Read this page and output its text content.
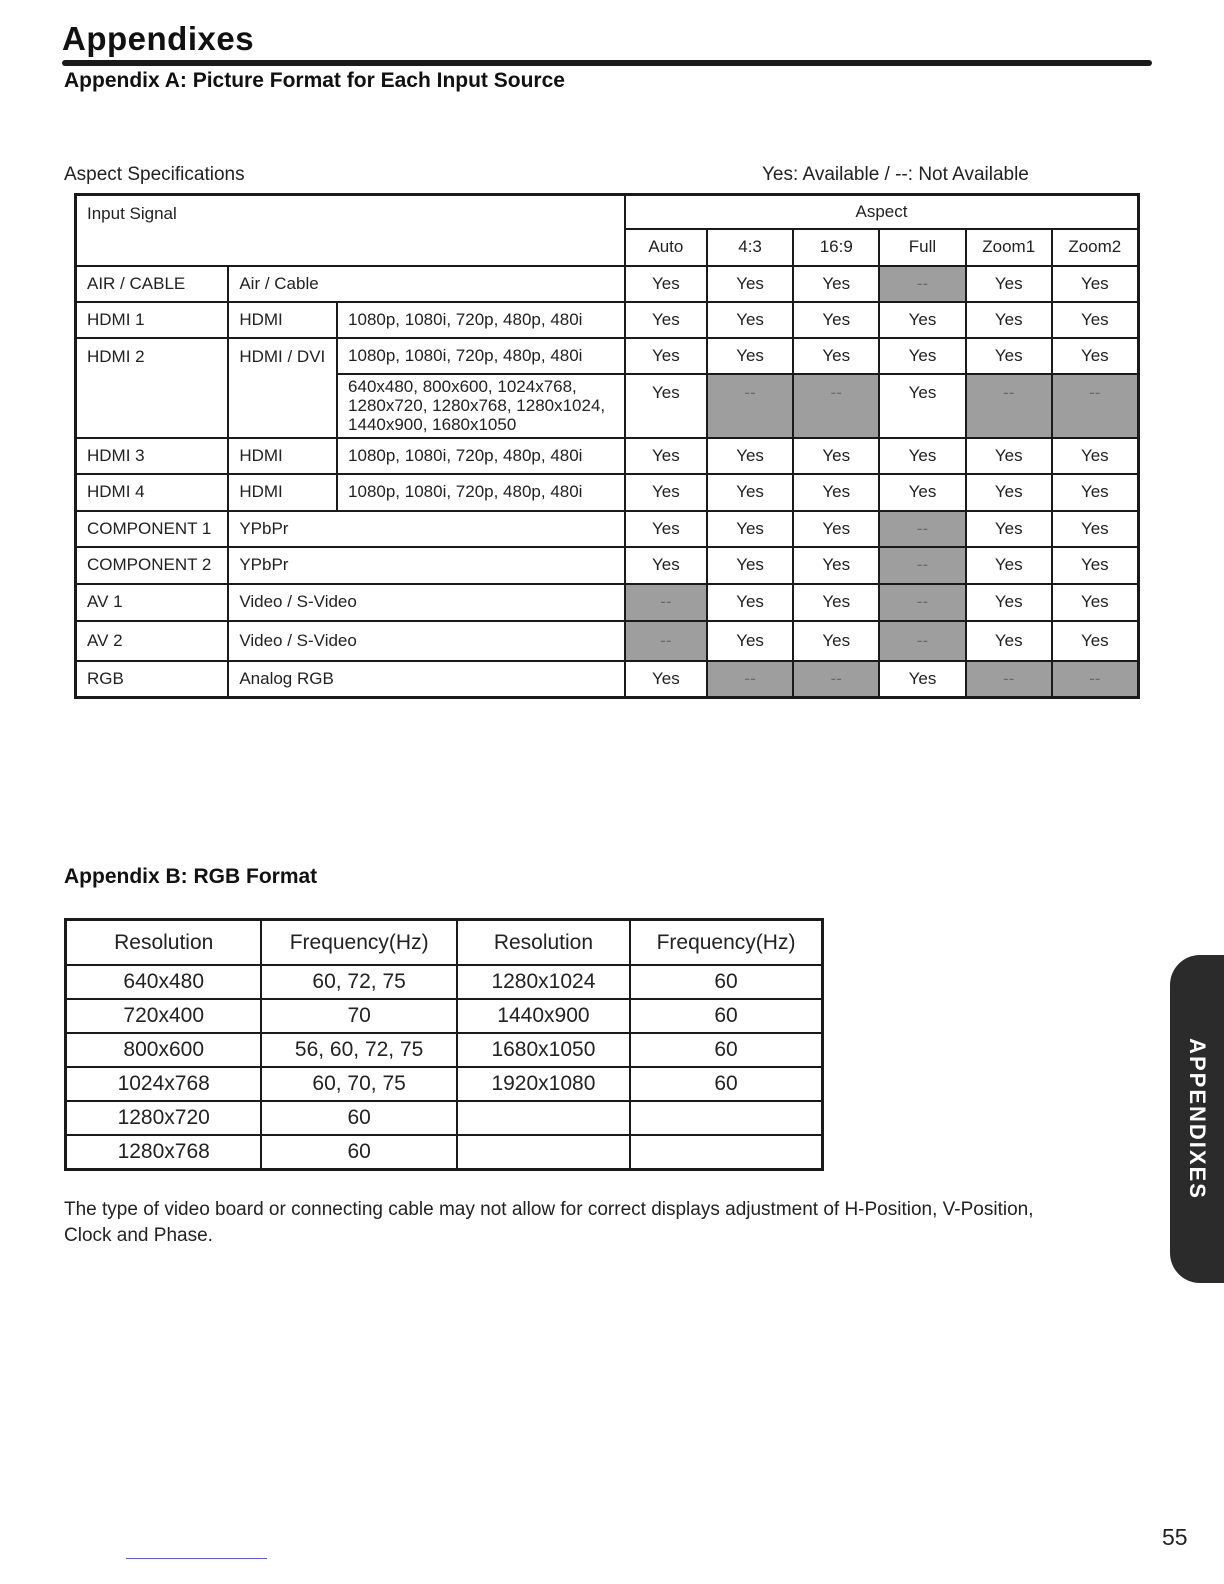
Appendixes
Appendix A: Picture Format for Each Input Source
Aspect Specifications	Yes: Available / --: Not Available
Input Signal			Aspect					
			Auto	4:3	16:9	Full	Zoom1	Zoom2
AIR / CABLE	Air / Cable		Yes	Yes	Yes	--	Yes	Yes
HDMI 1	HDMI	1080p, 1080i, 720p, 480p, 480i	Yes	Yes	Yes	Yes	Yes	Yes
HDMI 2	HDMI / DVI	1080p, 1080i, 720p, 480p, 480i	Yes	Yes	Yes	Yes	Yes	Yes

		640x480, 800x600, 1024x768,
1280x720, 1280x768, 1280x1024,
1440x900, 1680x1050	Yes	--	--	Yes	--	--
HDMI 3	HDMI	1080p, 1080i, 720p, 480p, 480i	Yes	Yes	Yes	Yes	Yes	Yes
HDMI 4	HDMI	1080p, 1080i, 720p, 480p, 480i	Yes	Yes	Yes	Yes	Yes	Yes
COMPONENT 1	YPbPr		Yes	Yes	Yes	--	Yes	Yes
COMPONENT 2	YPbPr		Yes	Yes	Yes	--	Yes	Yes
AV 1	Video / S-Video		--	Yes	Yes	--	Yes	Yes
AV 2	Video / S-Video		--	Yes	Yes	--	Yes	Yes
RGB	Analog RGB		Yes	--	--	Yes	--	--
Appendix B: RGB Format
Resolution	Frequency(Hz)	Resolution	Frequency(Hz)
640x480	60, 72, 75	1280x1024	60
720x400	70	1440x900	60
800x600	56, 60, 72, 75	1680x1050	60
1024x768	60, 70, 75	1920x1080	60
1280x720	60		
1280x768	60		
The type of video board or connecting cable may not allow for correct displays adjustment of H-Position, V-Position, Clock and Phase.
APPENDIXES
55
